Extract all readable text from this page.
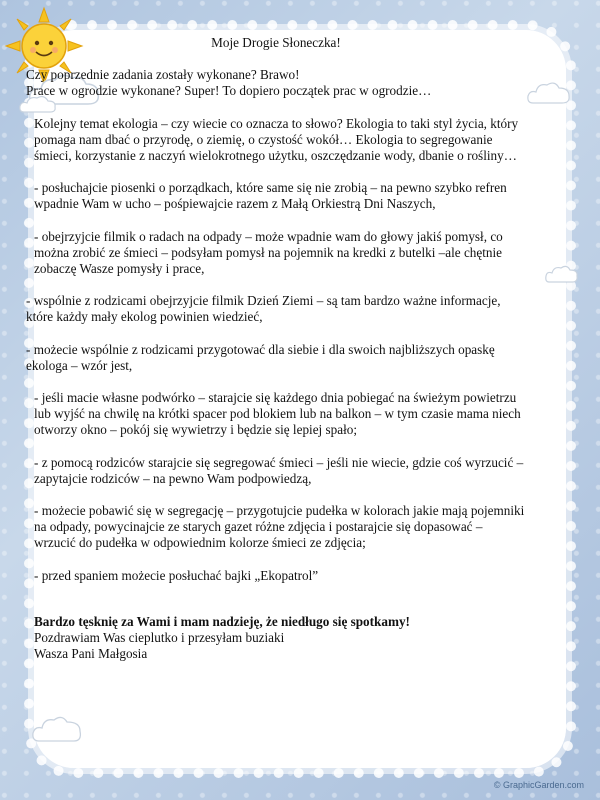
Moje Drogie Słoneczka!
Czy poprzednie zadania zostały wykonane? Brawo!
Prace w ogrodzie wykonane? Super! To dopiero początek prac w ogrodzie…
Kolejny temat ekologia – czy wiecie co oznacza to słowo? Ekologia to taki styl życia, który pomaga nam dbać o przyrodę, o ziemię, o czystość wokół… Ekologia to segregowanie śmieci, korzystanie z naczyń wielokrotnego użytku, oszczędzanie wody, dbanie o rośliny…
- posłuchajcie piosenki o porządkach, które same się nie zrobią – na pewno szybko refren wpadnie Wam w ucho – pośpiewajcie razem z Małą Orkiestrą Dni Naszych,
- obejrzyjcie filmik o radach na odpady – może wpadnie wam do głowy jakiś pomysł, co można zrobić ze śmieci – podsyłam pomysł na pojemnik na kredki z butelki –ale chętnie zobaczę Wasze pomysły i prace,
- wspólnie z rodzicami obejrzyjcie filmik Dzień Ziemi – są tam bardzo ważne informacje, które każdy mały ekolog powinien wiedzieć,
- możecie wspólnie z rodzicami przygotować dla siebie i dla swoich najbliższych opaskę ekologa – wzór jest,
- jeśli macie własne podwórko – starajcie się każdego dnia pobiegać na świeżym powietrzu lub wyjść na chwilę na krótki spacer pod blokiem lub na balkon – w tym czasie mama niech otworzy okno – pokój się wywietrzy i będzie się lepiej spało;
- z pomocą rodziców starajcie się segregować śmieci – jeśli nie wiecie, gdzie coś wyrzucić – zapytajcie rodziców – na pewno Wam podpowiedzą,
- możecie pobawić się w segregację – przygotujcie pudełka w kolorach jakie mają pojemniki na odpady, powycinajcie ze starych gazet różne zdjęcia i postarajcie się dopasować – wrzucić do pudełka w odpowiednim kolorze śmieci ze zdjęcia;
- przed spaniem możecie posłuchać bajki „Ekopatrol”
Bardzo tęsknię za Wami i mam nadzieję, że niedługo się spotkamy!
Pozdrawiam Was cieplutko i przesyłam buziaki
Wasza Pani Małgosia
© GraphicGarden.com
